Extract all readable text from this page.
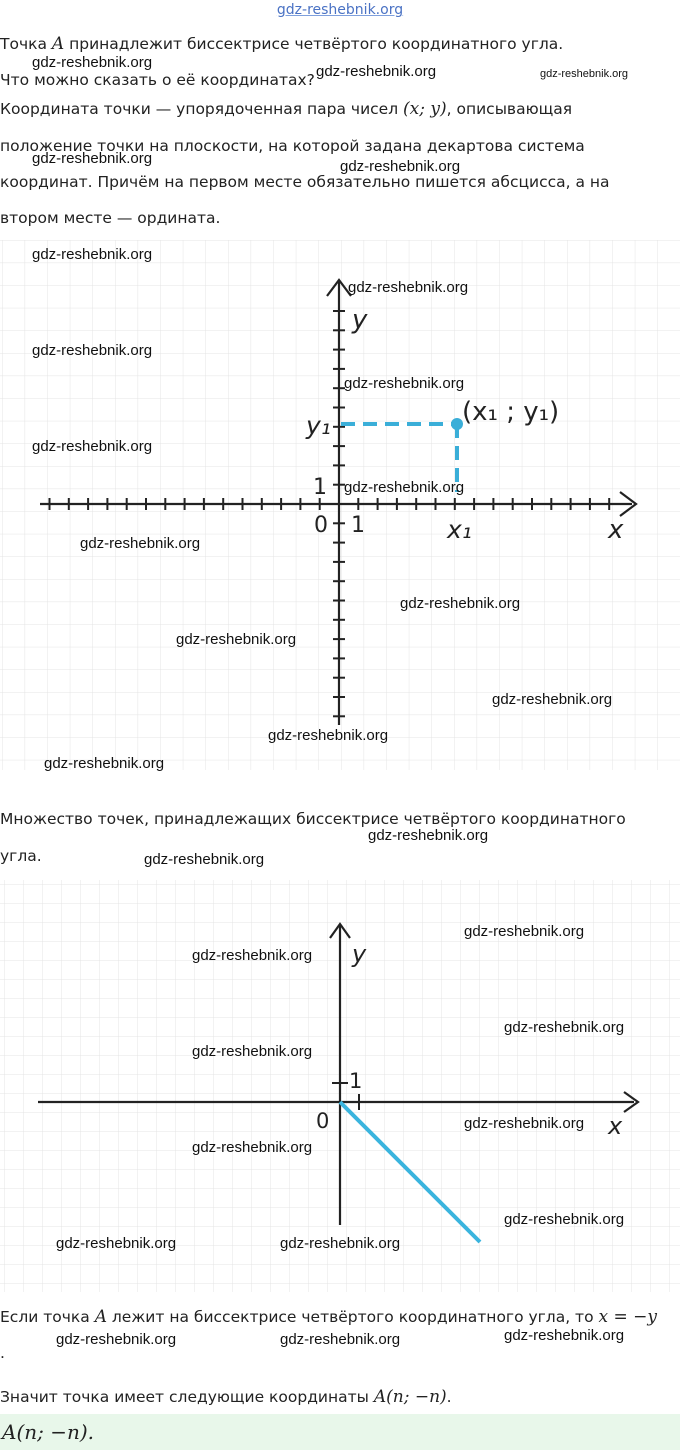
gdz-reshebnik.org

Точка A принадлежит биссектрисе четвёртого координатного угла.

Что можно сказать о её координатах?

Координата точки — упорядоченная пара чисел (x; y), описывающая

положение точки на плоскости, на которой задана декартова система

координат. Причём на первом месте обязательно пишется абсцисса, а на

втором месте — ордината.

y
x
0 1
1
x₁
y₁	(x₁ ; y₁)

Множество точек, принадлежащих биссектрисе четвёртого координатного

угла.

y
x
0
1

Если точка A лежит на биссектрисе четвёртого координатного угла, то x = −y

.

Значит точка имеет следующие координаты A(n; −n).

A(n; −n).
gdz-reshebnik.org
gdz-reshebnik.org	gdz-reshebnik.org
gdz-reshebnik.org	gdz-reshebnik.org
gdz-reshebnik.org
gdz-reshebnik.org
gdz-reshebnik.org
gdz-reshebnik.org
gdz-reshebnik.org
gdz-reshebnik.org
gdz-reshebnik.org
gdz-reshebnik.org
gdz-reshebnik.org
gdz-reshebnik.org
gdz-reshebnik.org
gdz-reshebnik.org
gdz-reshebnik.org
gdz-reshebnik.org
gdz-reshebnik.org
gdz-reshebnik.org
gdz-reshebnik.org
gdz-reshebnik.org
gdz-reshebnik.org
gdz-reshebnik.org
gdz-reshebnik.org
gdz-reshebnik.org	gdz-reshebnik.org
gdz-reshebnik.org	gdz-reshebnik.org	gdz-reshebnik.org
